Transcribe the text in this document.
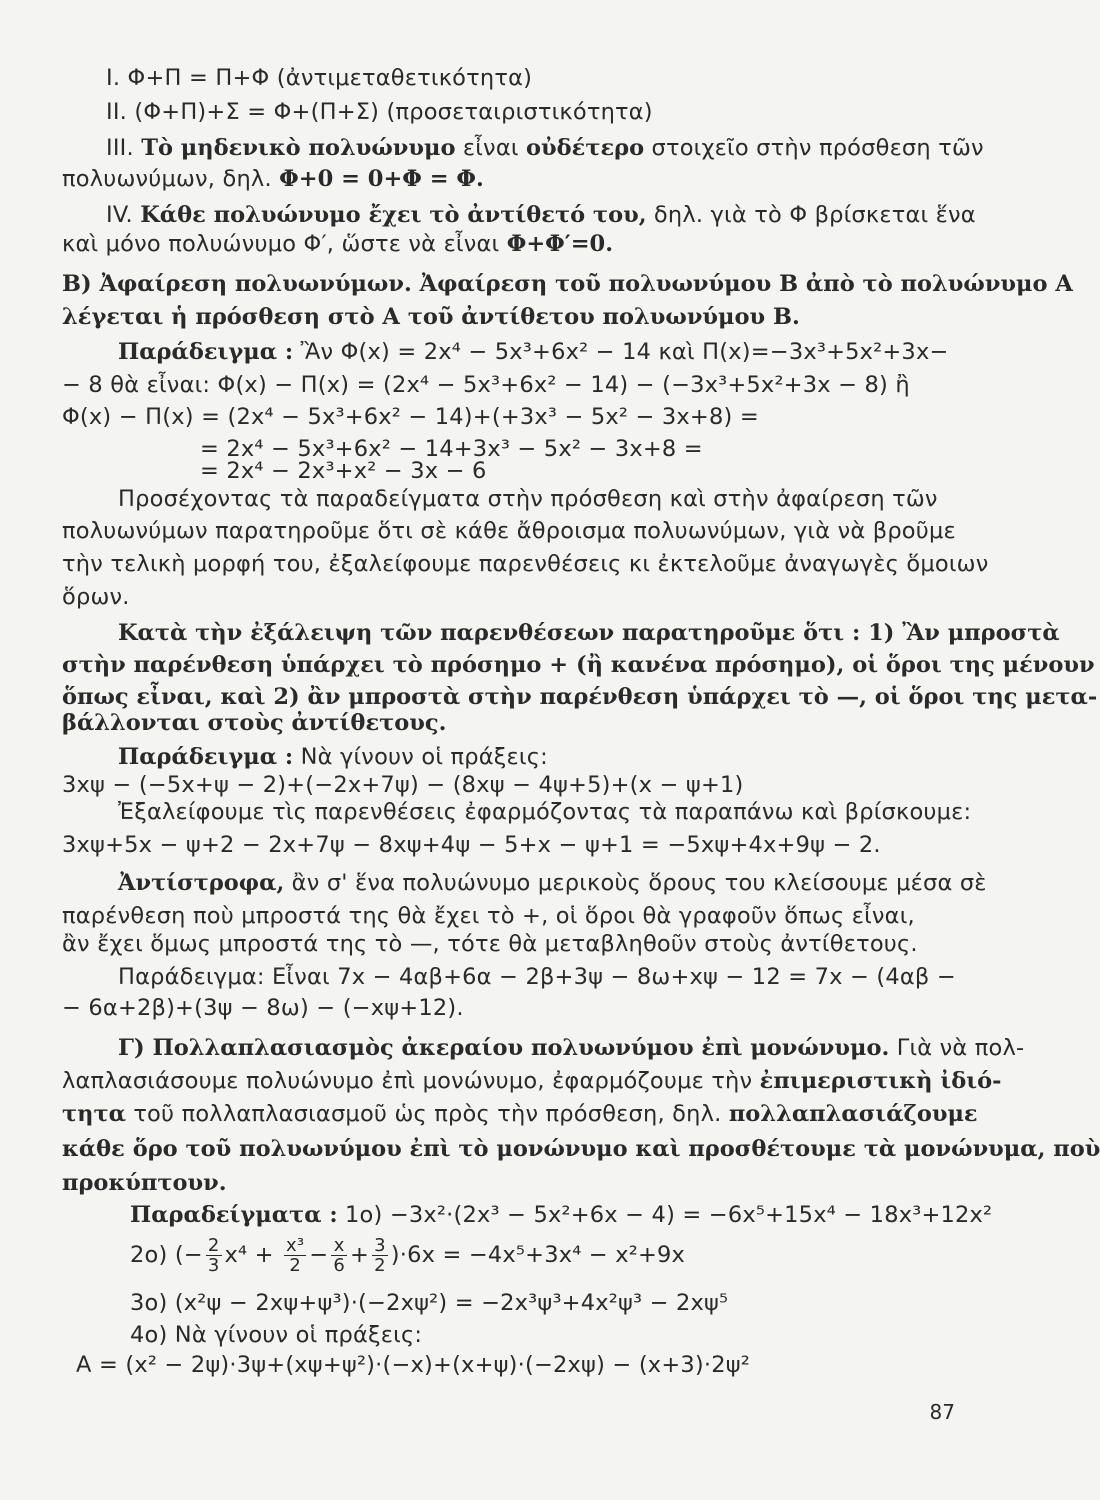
I. Φ+Π = Π+Φ (ἀντιμεταθετικότητα)
II. (Φ+Π)+Σ = Φ+(Π+Σ) (προσεταιριστικότητα)
III. Τὸ μηδενικὸ πολυώνυμο εἶναι οὐδέτερο στοιχεῖο στὴν πρόσθεση τῶν
πολυωνύμων, δηλ. Φ+0 = 0+Φ = Φ.
IV. Κάθε πολυώνυμο ἔχει τὸ ἀντίθετό του, δηλ. γιὰ τὸ Φ βρίσκεται ἕνα
καὶ μόνο πολυώνυμο Φ′, ὥστε νὰ εἶναι Φ+Φ′=0.
Β) Ἀφαίρεση πολυωνύμων. Ἀφαίρεση τοῦ πολυωνύμου Β ἀπὸ τὸ πολυώνυμο Α
λέγεται ἡ πρόσθεση στὸ Α τοῦ ἀντίθετου πολυωνύμου Β.
Παράδειγμα : Ἂν Φ(x) = 2x⁴ − 5x³+6x² − 14 καὶ Π(x)=−3x³+5x²+3x−
− 8 θὰ εἶναι: Φ(x) − Π(x) = (2x⁴ − 5x³+6x² − 14) − (−3x³+5x²+3x − 8) ἢ
Φ(x) − Π(x) = (2x⁴ − 5x³+6x² − 14)+(+3x³ − 5x² − 3x+8) =
= 2x⁴ − 5x³+6x² − 14+3x³ − 5x² − 3x+8 =
= 2x⁴ − 2x³+x² − 3x − 6
Προσέχοντας τὰ παραδείγματα στὴν πρόσθεση καὶ στὴν ἀφαίρεση τῶν
πολυωνύμων παρατηροῦμε ὅτι σὲ κάθε ἄθροισμα πολυωνύμων, γιὰ νὰ βροῦμε
τὴν τελικὴ μορφή του, ἐξαλείφουμε παρενθέσεις κι ἐκτελοῦμε ἀναγωγὲς ὅμοιων
ὅρων.
Κατὰ τὴν ἐξάλειψη τῶν παρενθέσεων παρατηροῦμε ὅτι : 1) Ἂν μπροστὰ
στὴν παρένθεση ὑπάρχει τὸ πρόσημο + (ἢ κανένα πρόσημο), οἱ ὅροι της μένουν
ὅπως εἶναι, καὶ 2) ἂν μπροστὰ στὴν παρένθεση ὑπάρχει τὸ —, οἱ ὅροι της μετα-
βάλλονται στοὺς ἀντίθετους.
Παράδειγμα : Νὰ γίνουν οἱ πράξεις:
3xψ − (−5x+ψ − 2)+(−2x+7ψ) − (8xψ − 4ψ+5)+(x − ψ+1)
Ἐξαλείφουμε τὶς παρενθέσεις ἐφαρμόζοντας τὰ παραπάνω καὶ βρίσκουμε:
3xψ+5x − ψ+2 − 2x+7ψ − 8xψ+4ψ − 5+x − ψ+1 = −5xψ+4x+9ψ − 2.
Ἀντίστροφα, ἂν σ' ἕνα πολυώνυμο μερικοὺς ὅρους του κλείσουμε μέσα σὲ
παρένθεση ποὺ μπροστά της θὰ ἔχει τὸ +, οἱ ὅροι θὰ γραφοῦν ὅπως εἶναι,
ἂν ἔχει ὅμως μπροστά της τὸ —, τότε θὰ μεταβληθοῦν στοὺς ἀντίθετους.
Παράδειγμα: Εἶναι 7x − 4αβ+6α − 2β+3ψ − 8ω+xψ − 12 = 7x − (4αβ −
− 6α+2β)+(3ψ − 8ω) − (−xψ+12).
Γ) Πολλαπλασιασμὸς ἀκεραίου πολυωνύμου ἐπὶ μονώνυμο. Γιὰ νὰ πολ-
λαπλασιάσουμε πολυώνυμο ἐπὶ μονώνυμο, ἐφαρμόζουμε τὴν ἐπιμεριστικὴ ἰδιό-
τητα τοῦ πολλαπλασιασμοῦ ὡς πρὸς τὴν πρόσθεση, δηλ. πολλαπλασιάζουμε
κάθε ὅρο τοῦ πολυωνύμου ἐπὶ τὸ μονώνυμο καὶ προσθέτουμε τὰ μονώνυμα, ποὺ
προκύπτουν.
Παραδείγματα : 1ο) −3x²·(2x³ − 5x²+6x − 4) = −6x⁵+15x⁴ − 18x³+12x²
2ο) (− $\frac{2}{3} x^4 + \frac{\text{x³}}{2} - \frac{x}{6} + \frac{3}{2} )\cdot 6x = -4x^5+3x^4 - x^2+9x$
3ο) (x²ψ − 2xψ+ψ³)·(−2xψ²) = −2x³ψ³+4x²ψ³ − 2xψ⁵
4ο) Νὰ γίνουν οἱ πράξεις:
Α = (x² − 2ψ)·3ψ+(xψ+ψ²)·(−x)+(x+ψ)·(−2xψ) − (x+3)·2ψ²
87
